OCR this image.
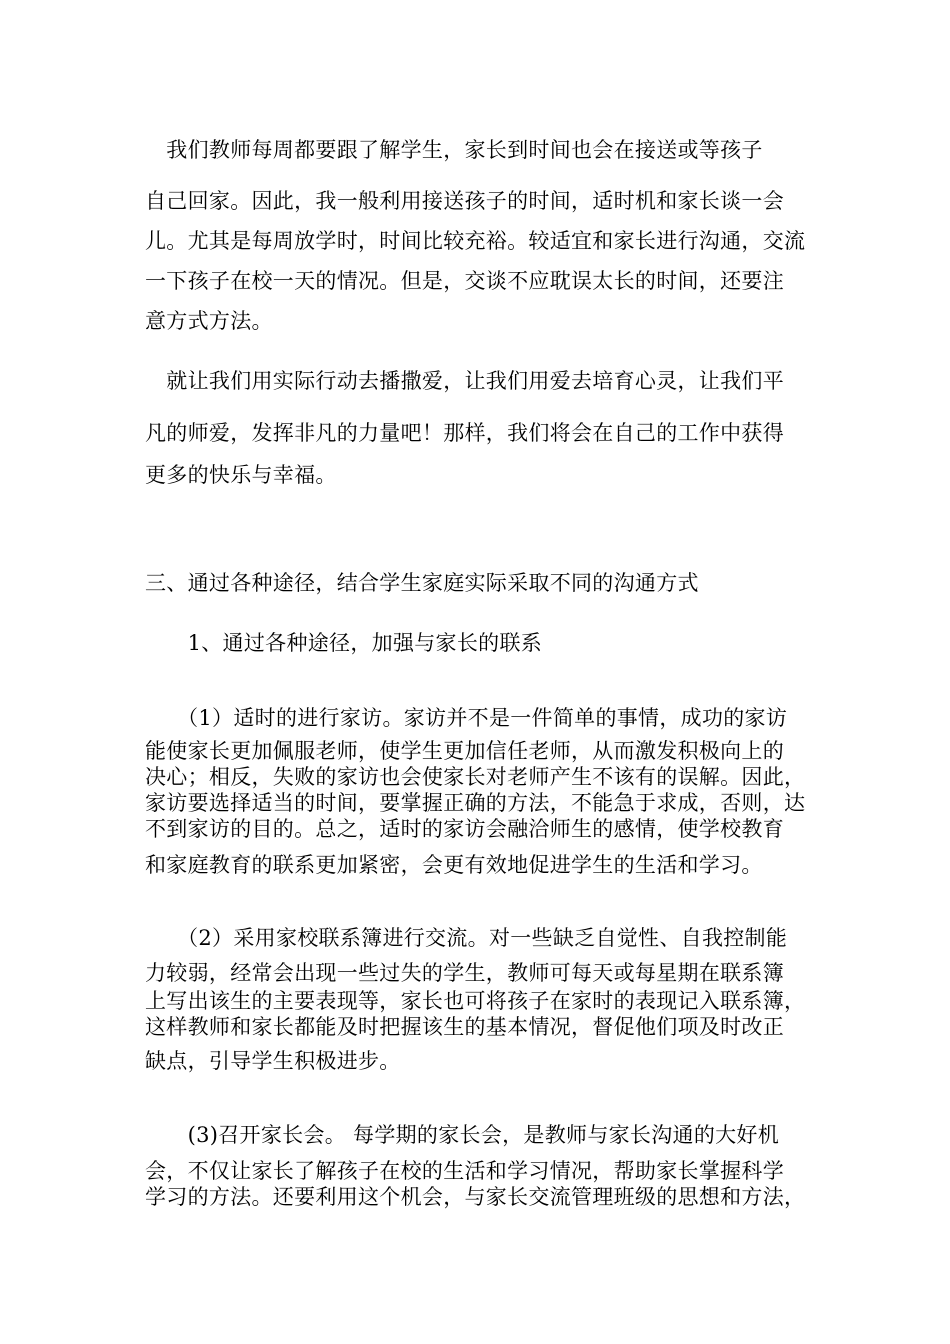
　我们教师每周都要跟了解学生，家长到时间也会在接送或等孩子
自己回家。因此，我一般利用接送孩子的时间，适时机和家长谈一会
儿。尤其是每周放学时，时间比较充裕。较适宜和家长进行沟通，交流
一下孩子在校一天的情况。但是，交谈不应耽误太长的时间，还要注
意方式方法。
　就让我们用实际行动去播撒爱，让我们用爱去培育心灵，让我们平
凡的师爱，发挥非凡的力量吧！那样，我们将会在自己的工作中获得
更多的快乐与幸福。
三、通过各种途径，结合学生家庭实际采取不同的沟通方式
　　1、通过各种途径，加强与家长的联系
　　（1）适时的进行家访。家访并不是一件简单的事情，成功的家访
能使家长更加佩服老师，使学生更加信任老师，从而激发积极向上的
决心；相反，失败的家访也会使家长对老师产生不该有的误解。因此，
家访要选择适当的时间，要掌握正确的方法，不能急于求成，否则，达
不到家访的目的。总之，适时的家访会融洽师生的感情，使学校教育
和家庭教育的联系更加紧密，会更有效地促进学生的生活和学习。
　　（2）采用家校联系簿进行交流。对一些缺乏自觉性、自我控制能
力较弱，经常会出现一些过失的学生，教师可每天或每星期在联系簿
上写出该生的主要表现等，家长也可将孩子在家时的表现记入联系簿，
这样教师和家长都能及时把握该生的基本情况，督促他们项及时改正
缺点，引导学生积极进步。
　　(3)召开家长会。 每学期的家长会，是教师与家长沟通的大好机
会，不仅让家长了解孩子在校的生活和学习情况，帮助家长掌握科学
学习的方法。还要利用这个机会，与家长交流管理班级的思想和方法，
